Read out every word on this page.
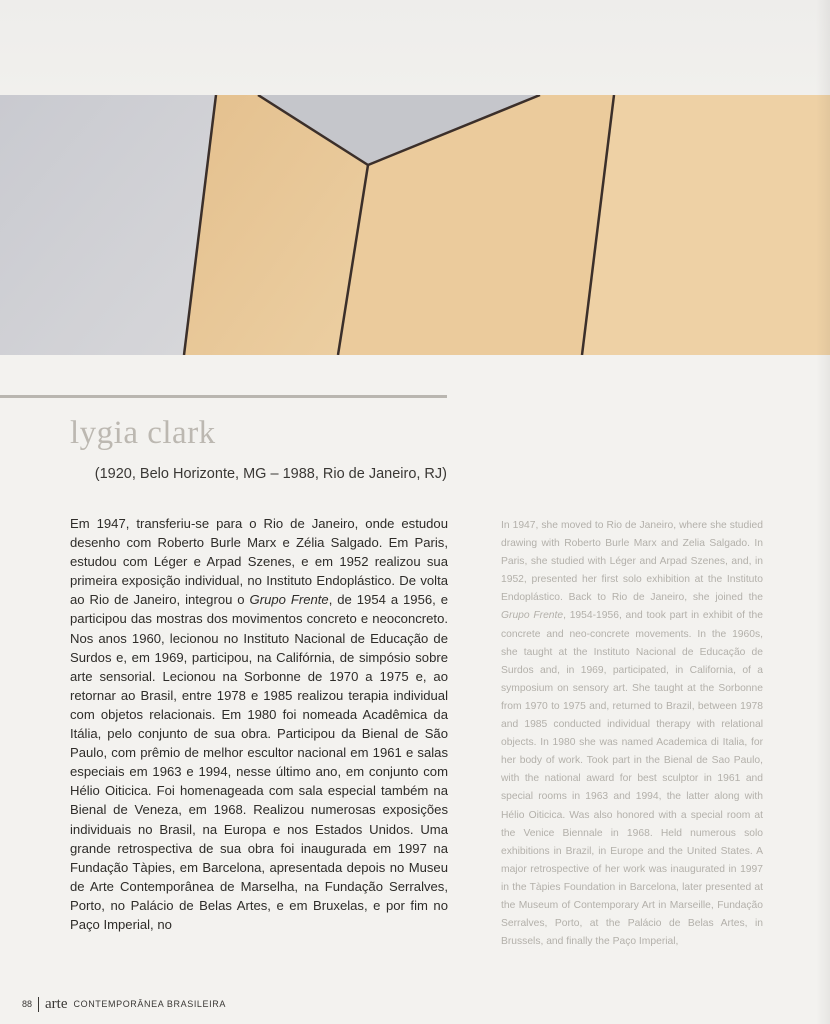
lygia clark

(1920, Belo Horizonte, MG – 1988, Rio de Janeiro, RJ)

Em 1947, transferiu-se para o Rio de Janeiro, onde estudou desenho com Roberto Burle Marx e Zélia Salgado. Em Paris, estudou com Léger e Arpad Szenes, e em 1952 realizou sua primeira exposição individual, no Instituto Endoplástico. De volta ao Rio de Janeiro, integrou o Grupo Frente, de 1954 a 1956, e participou das mostras dos movimentos concreto e neoconcreto. Nos anos 1960, lecionou no Instituto Nacional de Educação de Surdos e, em 1969, participou, na Califórnia, de simpósio sobre arte sensorial. Lecionou na Sorbonne de 1970 a 1975 e, ao retornar ao Brasil, entre 1978 e 1985 realizou terapia individual com objetos relacionais. Em 1980 foi nomeada Acadêmica da Itália, pelo conjunto de sua obra. Participou da Bienal de São Paulo, com prêmio de melhor escultor nacional em 1961 e salas especiais em 1963 e 1994, nesse último ano, em conjunto com Hélio Oiticica. Foi homenageada com sala especial também na Bienal de Veneza, em 1968. Realizou numerosas exposições individuais no Brasil, na Europa e nos Estados Unidos. Uma grande retrospectiva de sua obra foi inaugurada em 1997 na Fundação Tàpies, em Barcelona, apresentada depois no Museu de Arte Contemporânea de Marselha, na Fundação Serralves, Porto, no Palácio de Belas Artes, e em Bruxelas, e por fim no Paço Imperial, no

In 1947, she moved to Rio de Janeiro, where she studied drawing with Roberto Burle Marx and Zelia Salgado. In Paris, she studied with Léger and Arpad Szenes, and, in 1952, presented her first solo exhibition at the Instituto Endoplástico. Back to Rio de Janeiro, she joined the Grupo Frente, 1954-1956, and took part in exhibit of the concrete and neo-concrete movements. In the 1960s, she taught at the Instituto Nacional de Educação de Surdos and, in 1969, participated, in California, of a symposium on sensory art. She taught at the Sorbonne from 1970 to 1975 and, returned to Brazil, between 1978 and 1985 conducted individual therapy with relational objects. In 1980 she was named Academica di Italia, for her body of work. Took part in the Bienal de Sao Paulo, with the national award for best sculptor in 1961 and special rooms in 1963 and 1994, the latter along with Hélio Oiticica. Was also honored with a special room at the Venice Biennale in 1968. Held numerous solo exhibitions in Brazil, in Europe and the United States. A major retrospective of her work was inaugurated in 1997 in the Tàpies Foundation in Barcelona, later presented at the Museum of Contemporary Art in Marseille, Fundação Serralves, Porto, at the Palácio de Belas Artes, in Brussels, and finally the Paço Imperial,

88 arte CONTEMPORÂNEA BRASILEIRA
